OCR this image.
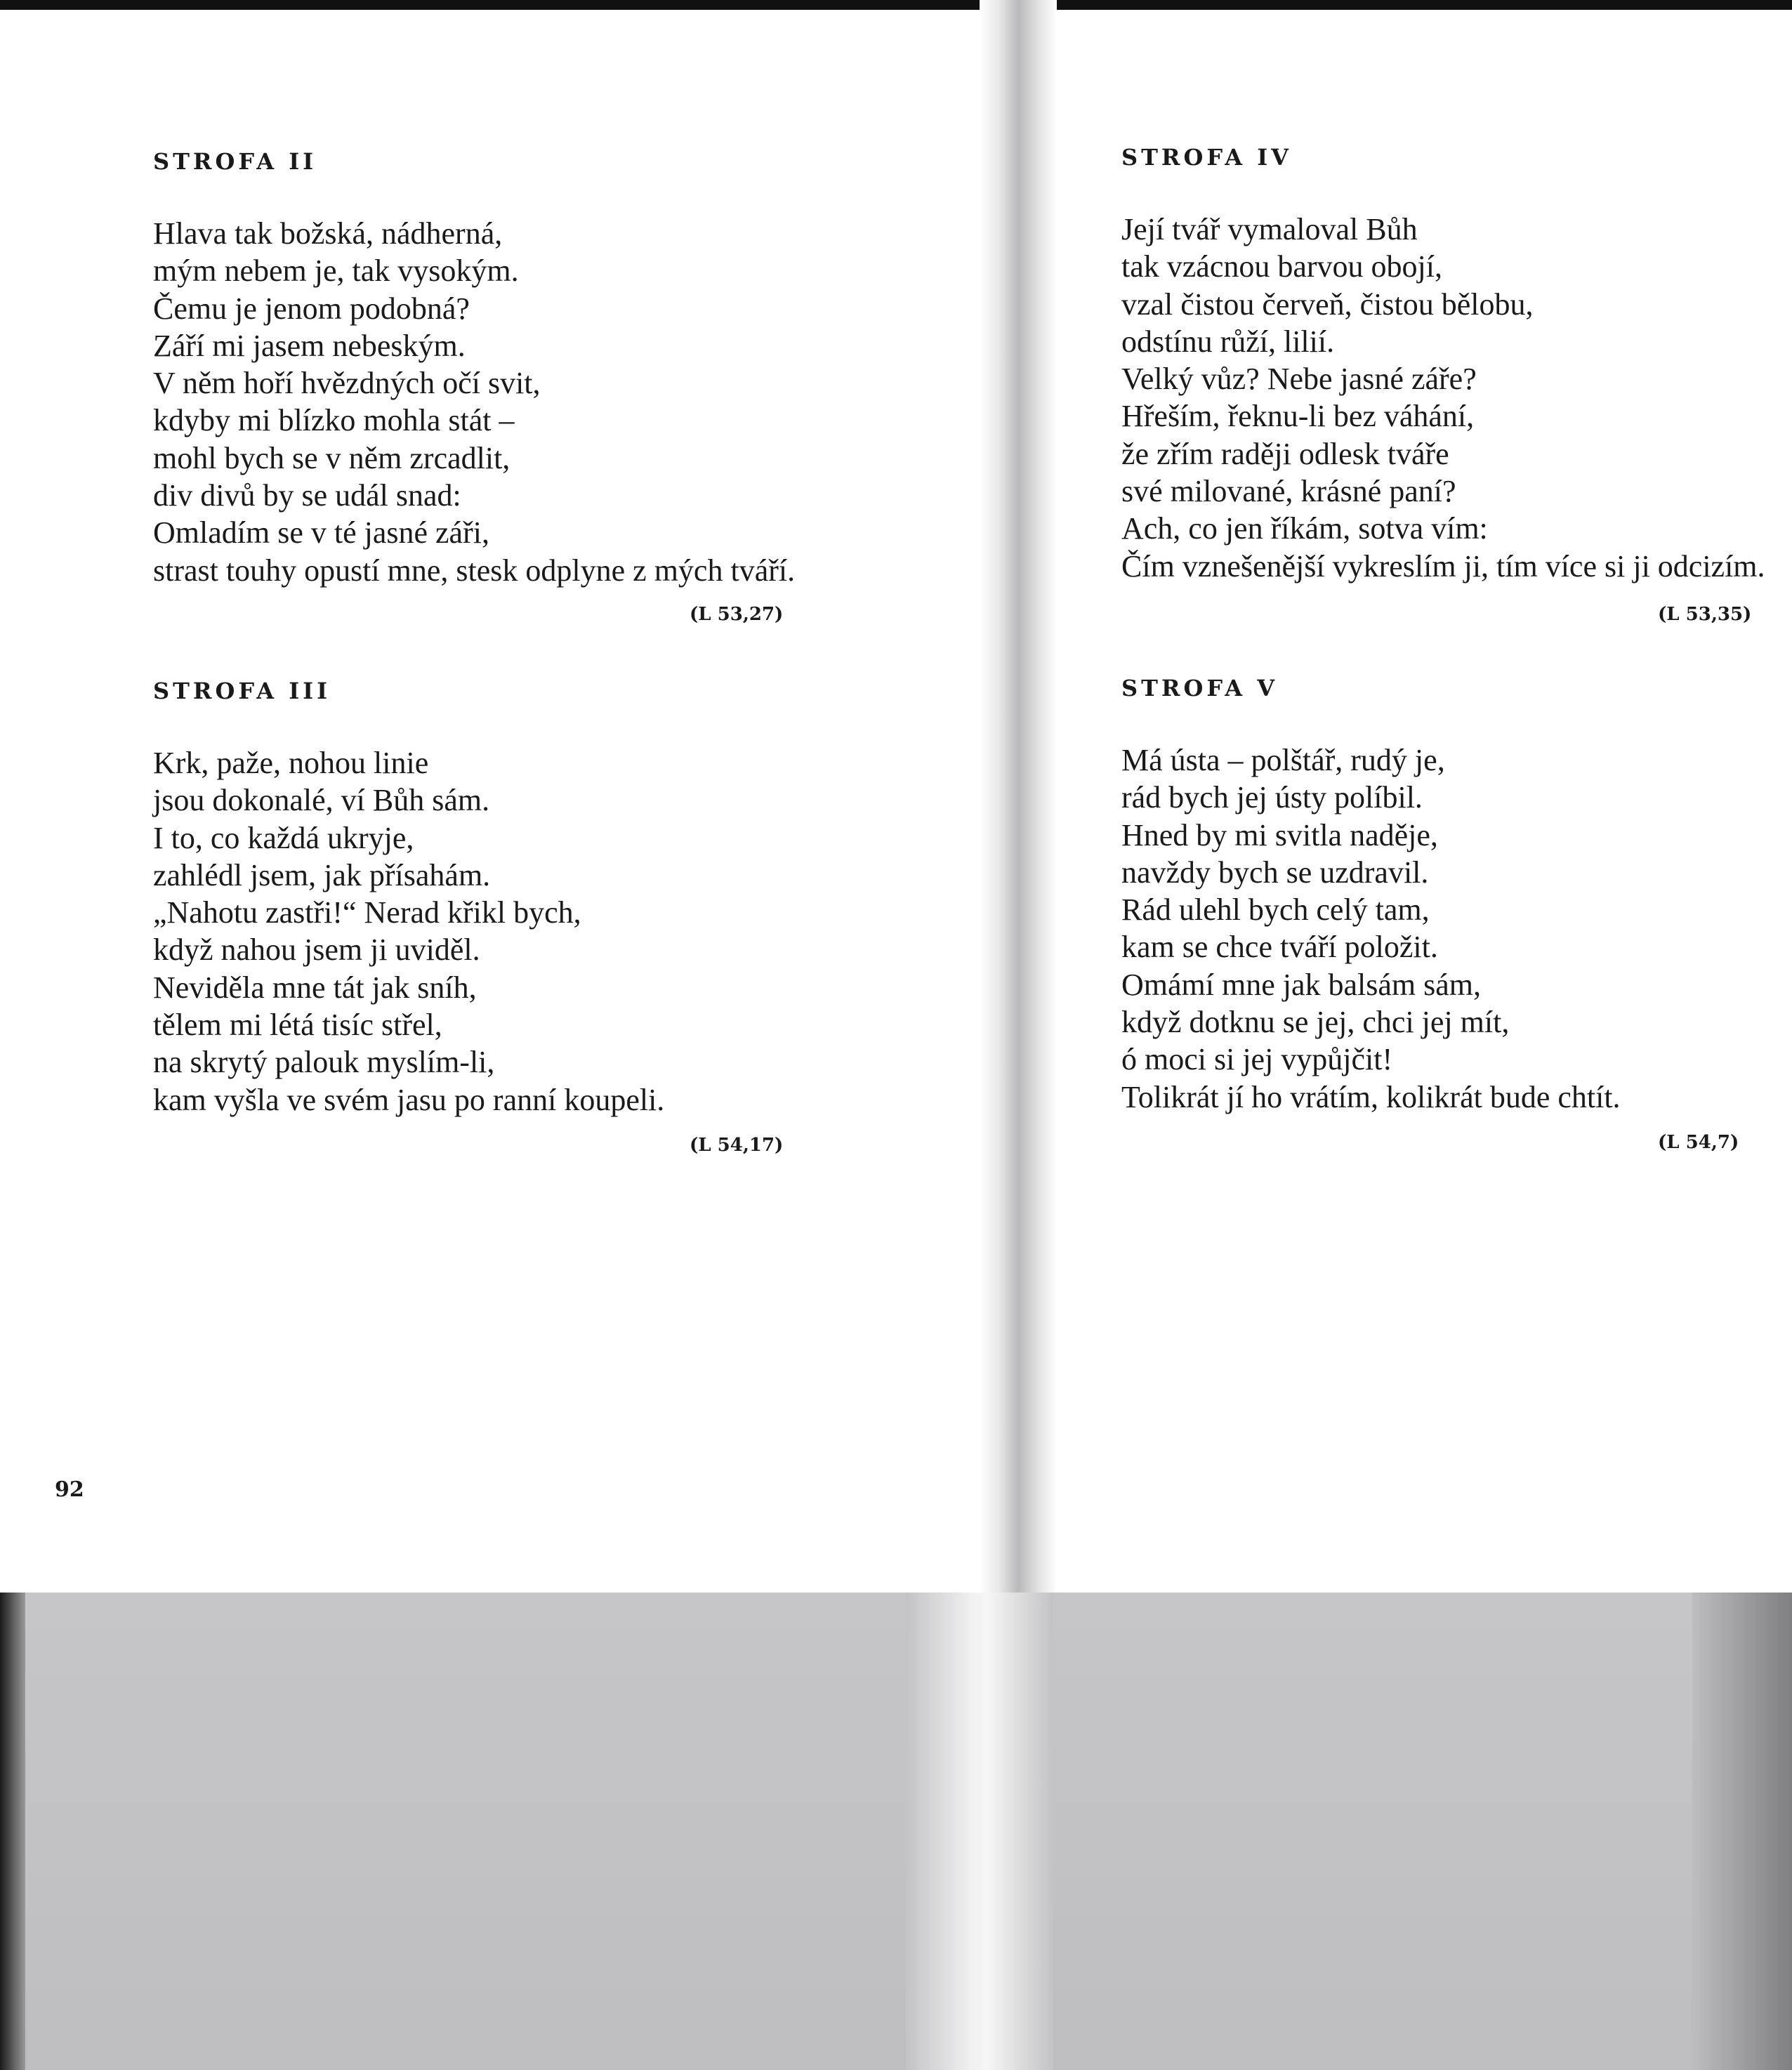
STROFA II
Hlava tak božská, nádherná,
mým nebem je, tak vysokým.
Čemu je jenom podobná?
Září mi jasem nebeským.
V něm hoří hvězdných očí svit,
kdyby mi blízko mohla stát –
mohl bych se v něm zrcadlit,
div divů by se udál snad:
Omladím se v té jasné záři,
strast touhy opustí mne, stesk odplyne z mých tváří.
(L 53,27)
STROFA III
Krk, paže, nohou linie
jsou dokonalé, ví Bůh sám.
I to, co každá ukryje,
zahlédl jsem, jak přísahám.
„Nahotu zastři!“ Nerad křikl bych,
když nahou jsem ji uviděl.
Neviděla mne tát jak sníh,
tělem mi létá tisíc střel,
na skrytý palouk myslím-li,
kam vyšla ve svém jasu po ranní koupeli.
(L 54,17)
92
STROFA IV
Její tvář vymaloval Bůh
tak vzácnou barvou obojí,
vzal čistou červeň, čistou bělobu,
odstínu růží, lilií.
Velký vůz? Nebe jasné záře?
Hřeším, řeknu-li bez váhání,
že zřím raději odlesk tváře
své milované, krásné paní?
Ach, co jen říkám, sotva vím:
Čím vznešenější vykreslím ji, tím více si ji odcizím.
(L 53,35)
STROFA V
Má ústa – polštář, rudý je,
rád bych jej ústy políbil.
Hned by mi svitla naděje,
navždy bych se uzdravil.
Rád ulehl bych celý tam,
kam se chce tváří položit.
Omámí mne jak balsám sám,
když dotknu se jej, chci jej mít,
ó moci si jej vypůjčit!
Tolikrát jí ho vrátím, kolikrát bude chtít.
(L 54,7)
